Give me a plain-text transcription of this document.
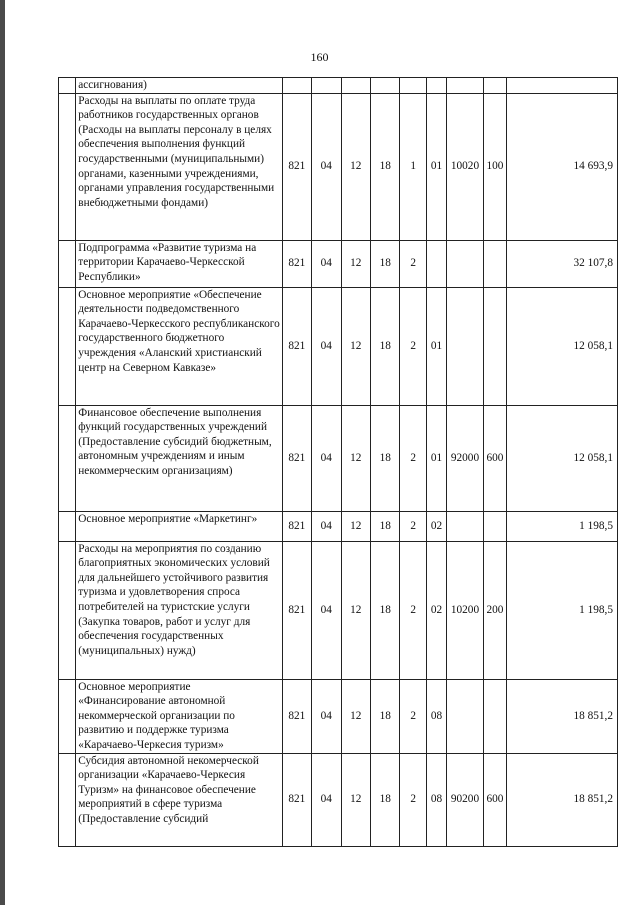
160
	ассигнования)									
	Расходы на выплаты по оплате труда работников государственных органов (Расходы на выплаты персоналу в целях обеспечения выполнения функций государственными (муниципальными) органами, казенными учреждениями, органами управления государственными внебюджетными фондами)	821	04	12	18	1	01	10020	100	14 693,9
	Подпрограмма «Развитие туризма на территории Карачаево-Черкесской Республики»	821	04	12	18	2				32 107,8
	Основное мероприятие «Обеспечение деятельности подведомственного Карачаево-Черкесского республиканского государственного бюджетного учреждения «Аланский христианский центр на Северном Кавказе»	821	04	12	18	2	01			12 058,1
	Финансовое обеспечение выполнения функций государственных учреждений (Предоставление субсидий бюджетным, автономным учреждениям и иным некоммерческим организациям)	821	04	12	18	2	01	92000	600	12 058,1
	Основное мероприятие «Маркетинг»	821	04	12	18	2	02			1 198,5
	Расходы на мероприятия по созданию благоприятных экономических условий для дальнейшего устойчивого развития туризма и удовлетворения спроса потребителей на туристские услуги (Закупка товаров, работ и услуг для обеспечения государственных (муниципальных) нужд)	821	04	12	18	2	02	10200	200	1 198,5
	Основное мероприятие «Финансирование автономной некоммерческой организации по развитию и поддержке туризма «Карачаево-Черкесия туризм»	821	04	12	18	2	08			18 851,2
	Субсидия автономной некомерческой организации «Карачаево-Черкесия Туризм» на финансовое обеспечение мероприятий в сфере туризма (Предоставление субсидий	821	04	12	18	2	08	90200	600	18 851,2
